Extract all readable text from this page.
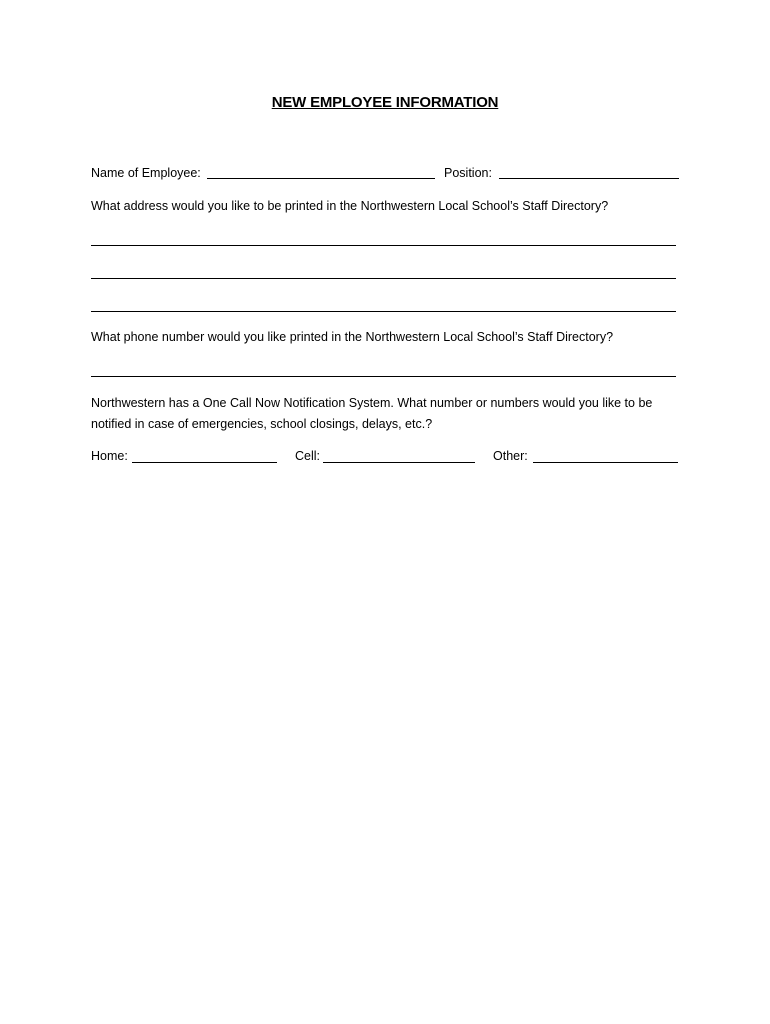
NEW EMPLOYEE INFORMATION
Name of Employee:	Position:
What address would you like to be printed in the Northwestern Local School’s Staff Directory?
What phone number would you like printed in the Northwestern Local School’s Staff Directory?
Northwestern has a One Call Now Notification System. What number or numbers would you like to be
notified in case of emergencies, school closings, delays, etc.?
Home:	Cell:	Other:
